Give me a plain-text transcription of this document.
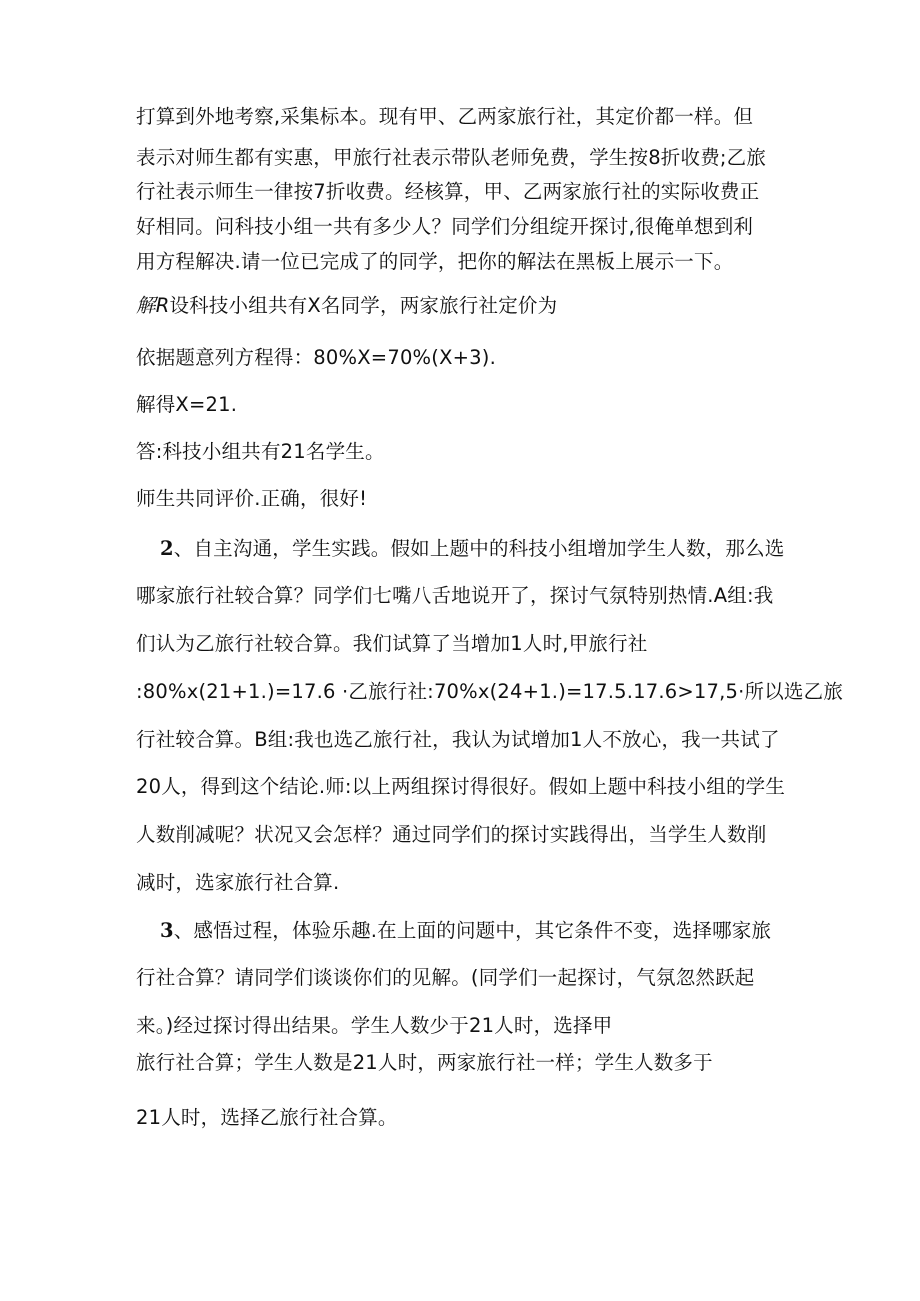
打算到外地考察,采集标本。现有甲、乙两家旅行社，其定价都一样。但
表示对师生都有实惠，甲旅行社表示带队老师免费，学生按8折收费;乙旅
行社表示师生一律按7折收费。经核算，甲、乙两家旅行社的实际收费正
好相同。问科技小组一共有多少人？同学们分组绽开探讨,很俺单想到利
用方程解决.请一位已完成了的同学，把你的解法在黑板上展示一下。
解R设科技小组共有X名同学，两家旅行社定价为
依据题意列方程得：80%X=70%(X+3).
解得X=21.
答:科技小组共有21名学生。
师生共同评价.正确，很好!
2、自主沟通，学生实践。假如上题中的科技小组增加学生人数，那么选
哪家旅行社较合算？同学们七嘴八舌地说开了，探讨气氛特别热情.A组:我
们认为乙旅行社较合算。我们试算了当增加1人时,甲旅行社
:80%x(21+1.)=17.6 ·乙旅行社:70%x(24+1.)=17.5.17.6>17,5·所以选乙旅
行社较合算。B组:我也选乙旅行社，我认为试增加1人不放心，我一共试了
20人，得到这个结论.师:以上两组探讨得很好。假如上题中科技小组的学生
人数削减呢？状况又会怎样？通过同学们的探讨实践得出，当学生人数削
减时，选家旅行社合算.
3、感悟过程，体验乐趣.在上面的问题中，其它条件不变，选择哪家旅
行社合算？请同学们谈谈你们的见解。(同学们一起探讨，气氛忽然跃起
来。)经过探讨得出结果。学生人数少于21人时，选择甲
旅行社合算；学生人数是21人时，两家旅行社一样；学生人数多于
21人时，选择乙旅行社合算。
